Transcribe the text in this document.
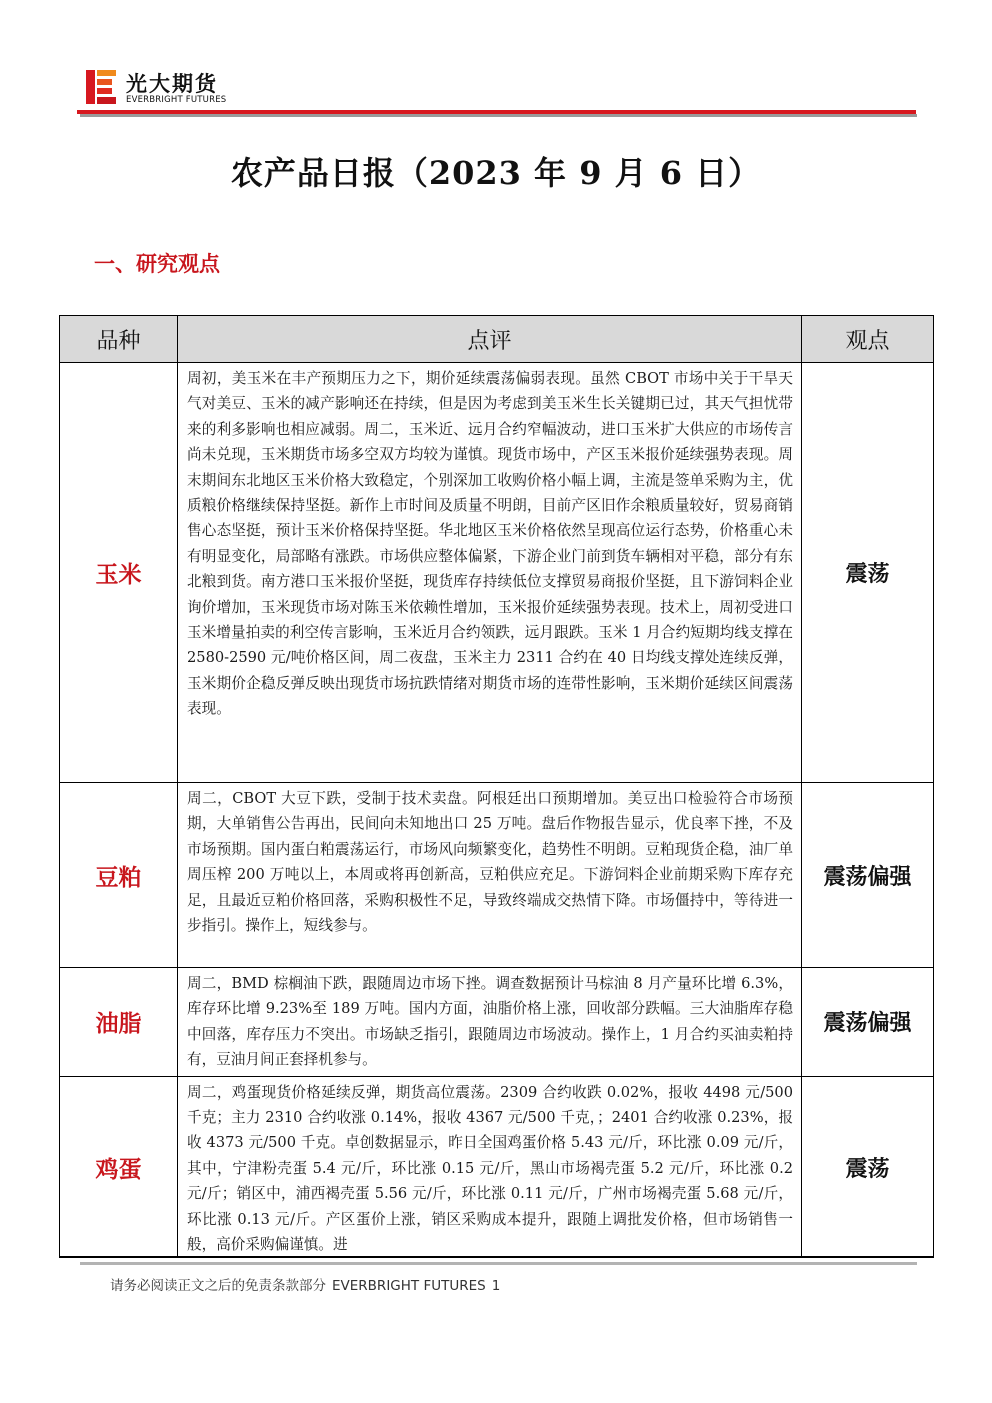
光大期货
EVERBRIGHT FUTURES
农产品日报（2023 年 9 月 6 日）
一、研究观点
品种	点评	观点
玉米	周初，美玉米在丰产预期压力之下，期价延续震荡偏弱表现。虽然 CBOT 市场中关于干旱天气对美豆、玉米的减产影响还在持续，但是因为考虑到美玉米生长关键期已过，其天气担忧带来的利多影响也相应减弱。周二，玉米近、远月合约窄幅波动，进口玉米扩大供应的市场传言尚未兑现，玉米期货市场多空双方均较为谨慎。现货市场中，产区玉米报价延续强势表现。周末期间东北地区玉米价格大致稳定，个别深加工收购价格小幅上调，主流是签单采购为主，优质粮价格继续保持坚挺。新作上市时间及质量不明朗，目前产区旧作余粮质量较好，贸易商销售心态坚挺，预计玉米价格保持坚挺。华北地区玉米价格依然呈现高位运行态势，价格重心未有明显变化，局部略有涨跌。市场供应整体偏紧，下游企业门前到货车辆相对平稳，部分有东北粮到货。南方港口玉米报价坚挺，现货库存持续低位支撑贸易商报价坚挺，且下游饲料企业询价增加，玉米现货市场对陈玉米依赖性增加，玉米报价延续强势表现。技术上，周初受进口玉米增量拍卖的利空传言影响，玉米近月合约领跌，远月跟跌。玉米 1 月合约短期均线支撑在 2580-2590 元/吨价格区间，周二夜盘，玉米主力 2311 合约在 40 日均线支撑处连续反弹，玉米期价企稳反弹反映出现货市场抗跌情绪对期货市场的连带性影响，玉米期价延续区间震荡表现。	震荡
豆粕	周二，CBOT 大豆下跌，受制于技术卖盘。阿根廷出口预期增加。美豆出口检验符合市场预期，大单销售公告再出，民间向未知地出口 25 万吨。盘后作物报告显示，优良率下挫，不及市场预期。国内蛋白粕震荡运行，市场风向频繁变化，趋势性不明朗。豆粕现货企稳，油厂单周压榨 200 万吨以上，本周或将再创新高，豆粕供应充足。下游饲料企业前期采购下库存充足，且最近豆粕价格回落，采购积极性不足，导致终端成交热情下降。市场僵持中，等待进一步指引。操作上，短线参与。	震荡偏强
油脂	周二，BMD 棕榈油下跌，跟随周边市场下挫。调查数据预计马棕油 8 月产量环比增 6.3%，库存环比增 9.23%至 189 万吨。国内方面，油脂价格上涨，回收部分跌幅。三大油脂库存稳中回落，库存压力不突出。市场缺乏指引，跟随周边市场波动。操作上，1 月合约买油卖粕持有，豆油月间正套择机参与。	震荡偏强
鸡蛋	周二，鸡蛋现货价格延续反弹，期货高位震荡。2309 合约收跌 0.02%，报收 4498 元/500 千克；主力 2310 合约收涨 0.14%，报收 4367 元/500 千克，；2401 合约收涨 0.23%，报收 4373 元/500 千克。卓创数据显示，昨日全国鸡蛋价格 5.43 元/斤，环比涨 0.09 元/斤，其中，宁津粉壳蛋 5.4 元/斤，环比涨 0.15 元/斤，黑山市场褐壳蛋 5.2 元/斤，环比涨 0.2 元/斤；销区中，浦西褐壳蛋 5.56 元/斤，环比涨 0.11 元/斤，广州市场褐壳蛋 5.68 元/斤，环比涨 0.13 元/斤。产区蛋价上涨，销区采购成本提升，跟随上调批发价格，但市场销售一般，高价采购偏谨慎。进	震荡
请务必阅读正文之后的免责条款部分 EVERBRIGHT FUTURES 1
